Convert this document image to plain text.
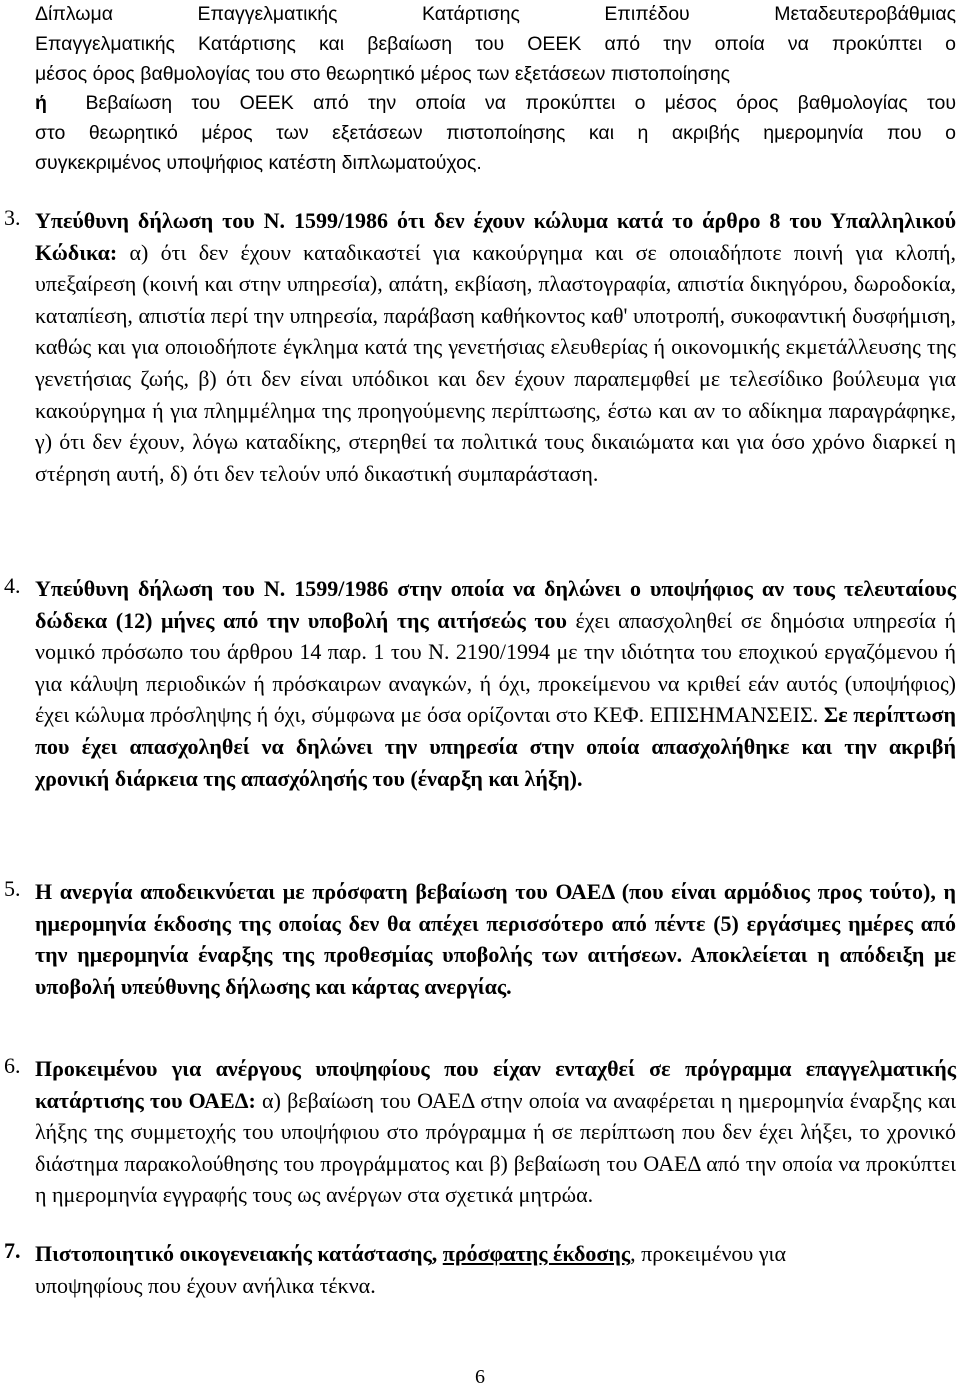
Δίπλωμα Επαγγελματικής Κατάρτισης Επιπέδου Μεταδευτεροβάθμιας
Επαγγελματικής Κατάρτισης και βεβαίωση του ΟΕΕΚ από την οποία να προκύπτει ο
μέσος όρος βαθμολογίας του στο θεωρητικό μέρος των εξετάσεων πιστοποίησης
ή Βεβαίωση του ΟΕΕΚ από την οποία να προκύπτει ο μέσος όρος βαθμολογίας του
στο θεωρητικό μέρος των εξετάσεων πιστοποίησης και η ακριβής ημερομηνία που ο
συγκεκριμένος υποψήφιος κατέστη διπλωματούχος.
3. Υπεύθυνη δήλωση του Ν. 1599/1986 ότι δεν έχουν κώλυμα κατά το άρθρο 8 του Υπαλληλικού Κώδικα: α) ότι δεν έχουν καταδικαστεί για κακούργημα και σε οποιαδήποτε ποινή για κλοπή, υπεξαίρεση (κοινή και στην υπηρεσία), απάτη, εκβίαση, πλαστογραφία, απιστία δικηγόρου, δωροδοκία, καταπίεση, απιστία περί την υπηρεσία, παράβαση καθήκοντος καθ' υποτροπή, συκοφαντική δυσφήμιση, καθώς και για οποιοδήποτε έγκλημα κατά της γενετήσιας ελευθερίας ή οικονομικής εκμετάλλευσης της γενετήσιας ζωής, β) ότι δεν είναι υπόδικοι και δεν έχουν παραπεμφθεί με τελεσίδικο βούλευμα για κακούργημα ή για πλημμέλημα της προηγούμενης περίπτωσης, έστω και αν το αδίκημα παραγράφηκε, γ) ότι δεν έχουν, λόγω καταδίκης, στερηθεί τα πολιτικά τους δικαιώματα και για όσο χρόνο διαρκεί η στέρηση αυτή, δ) ότι δεν τελούν υπό δικαστική συμπαράσταση.
4. Υπεύθυνη δήλωση του Ν. 1599/1986 στην οποία να δηλώνει ο υποψήφιος αν τους τελευταίους δώδεκα (12) μήνες από την υποβολή της αιτήσεώς του έχει απασχοληθεί σε δημόσια υπηρεσία ή νομικό πρόσωπο του άρθρου 14 παρ. 1 του Ν. 2190/1994 με την ιδιότητα του εποχικού εργαζόμενου ή για κάλυψη περιοδικών ή πρόσκαιρων αναγκών, ή όχι, προκείμενου να κριθεί εάν αυτός (υποψήφιος) έχει κώλυμα πρόσληψης ή όχι, σύμφωνα με όσα ορίζονται στο ΚΕΦ. ΕΠΙΣΗΜΑΝΣΕΙΣ. Σε περίπτωση που έχει απασχοληθεί να δηλώνει την υπηρεσία στην οποία απασχολήθηκε και την ακριβή χρονική διάρκεια της απασχόλησής του (έναρξη και λήξη).
5. Η ανεργία αποδεικνύεται με πρόσφατη βεβαίωση του ΟΑΕΔ (που είναι αρμόδιος προς τούτο), η ημερομηνία έκδοσης της οποίας δεν θα απέχει περισσότερο από πέντε (5) εργάσιμες ημέρες από την ημερομηνία έναρξης της προθεσμίας υποβολής των αιτήσεων. Αποκλείεται η απόδειξη με υποβολή υπεύθυνης δήλωσης και κάρτας ανεργίας.
6. Προκειμένου για ανέργους υποψηφίους που είχαν ενταχθεί σε πρόγραμμα επαγγελματικής κατάρτισης του ΟΑΕΔ: α) βεβαίωση του ΟΑΕΔ στην οποία να αναφέρεται η ημερομηνία έναρξης και λήξης της συμμετοχής του υποψήφιου στο πρόγραμμα ή σε περίπτωση που δεν έχει λήξει, το χρονικό διάστημα παρακολούθησης του προγράμματος και β) βεβαίωση του ΟΑΕΔ από την οποία να προκύπτει η ημερομηνία εγγραφής τους ως ανέργων στα σχετικά μητρώα.
7. Πιστοποιητικό οικογενειακής κατάστασης, πρόσφατης έκδοσης, προκειμένου για
υποψηφίους που έχουν ανήλικα τέκνα.
6
